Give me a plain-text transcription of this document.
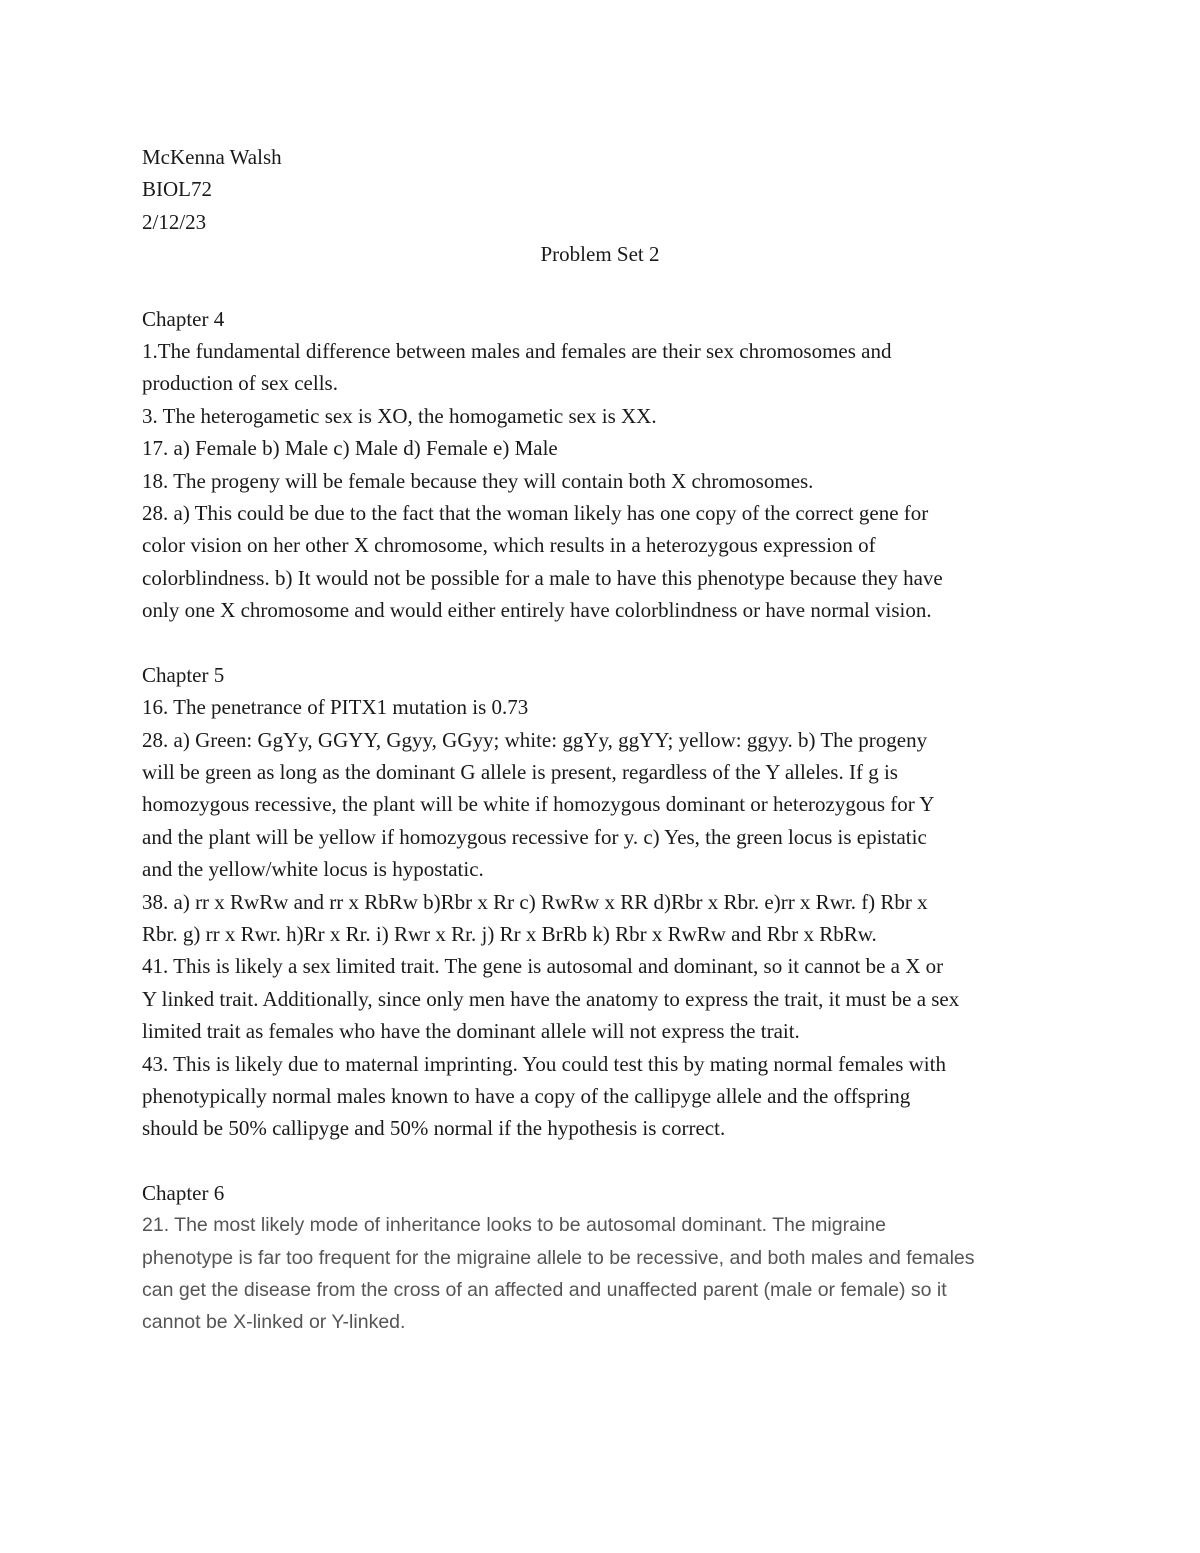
McKenna Walsh
BIOL72
2/12/23
Problem Set 2
Chapter 4
1.The fundamental difference between males and females are their sex chromosomes and
production of sex cells.
3. The heterogametic sex is XO, the homogametic sex is XX.
17. a) Female b) Male c) Male d) Female e) Male
18. The progeny will be female because they will contain both X chromosomes.
28. a) This could be due to the fact that the woman likely has one copy of the correct gene for
color vision on her other X chromosome, which results in a heterozygous expression of
colorblindness. b) It would not be possible for a male to have this phenotype because they have
only one X chromosome and would either entirely have colorblindness or have normal vision.
Chapter 5
16. The penetrance of PITX1 mutation is 0.73
28. a) Green: GgYy, GGYY, Ggyy, GGyy; white: ggYy, ggYY; yellow: ggyy. b) The progeny
will be green as long as the dominant G allele is present, regardless of the Y alleles. If g is
homozygous recessive, the plant will be white if homozygous dominant or heterozygous for Y
and the plant will be yellow if homozygous recessive for y. c) Yes, the green locus is epistatic
and the yellow/white locus is hypostatic.
38. a) rr x RwRw and rr x RbRw b)Rbr x Rr c) RwRw x RR d)Rbr x Rbr. e)rr x Rwr. f) Rbr x
Rbr. g) rr x Rwr. h)Rr x Rr. i) Rwr x Rr. j) Rr x BrRb k) Rbr x RwRw and Rbr x RbRw.
41. This is likely a sex limited trait. The gene is autosomal and dominant, so it cannot be a X or
Y linked trait. Additionally, since only men have the anatomy to express the trait, it must be a sex
limited trait as females who have the dominant allele will not express the trait.
43. This is likely due to maternal imprinting. You could test this by mating normal females with
phenotypically normal males known to have a copy of the callipyge allele and the offspring
should be 50% callipyge and 50% normal if the hypothesis is correct.
Chapter 6
21. The most likely mode of inheritance looks to be autosomal dominant. The migraine
phenotype is far too frequent for the migraine allele to be recessive, and both males and females
can get the disease from the cross of an affected and unaffected parent (male or female) so it
cannot be X-linked or Y-linked.
